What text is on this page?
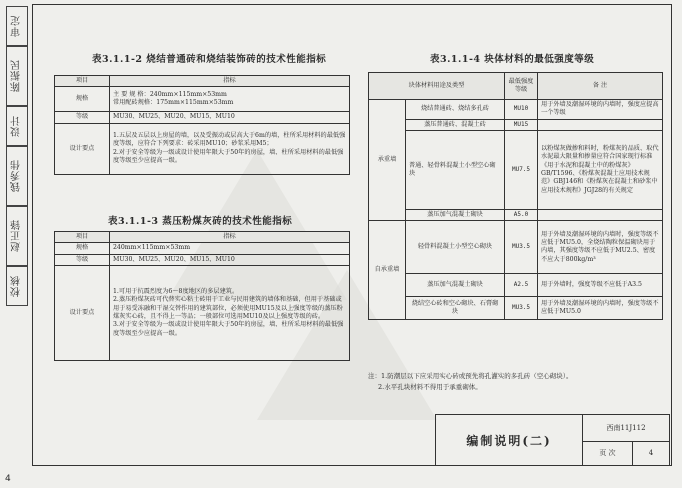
审定
陈振民
设计
钱秀伟
赵正锋
校核
4
表3.1.1-2 烧结普通砖和烧结装饰砖的技术性能指标
项目	指标
规格	主 要 规 格：240mm×115mm×53mm
常用配砖规格：175mm×115mm×53mm
等级	MU30、MU25、MU20、MU15、MU10
设计要点	1.五层及五层以上房屋的墙，以及受振动或层高大于6m的墙，柱所采用材料的最低强度等级，应符合下列要求：砖采用MU10；砂浆采用M5；
2.对于安全等级为一级或设计使用年限大于50年的房屋，墙、柱所采用材料的最低强度等级至少应提高一级。
表3.1.1-3 蒸压粉煤灰砖的技术性能指标
项目	指标
规格	240mm×115mm×53mm
等级	MU30、MU25、MU20、MU15、MU10
设计要点	1.可用于抗震烈度为6～8度地区的多层建筑。
2.蒸压粉煤灰砖可代替实心粘土砖用于工业与民用建筑的墙体和基础，但用于基础或用于易受冻融和干湿交替作用的建筑部位，必须使用MU15及以上强度等级的蒸压粉煤灰实心砖，且不得上一等品；一般部位可选用MU10及以上强度等级的砖。
3.对于安全等级为一级或设计使用年限大于50年的房屋，墙、柱所采用材料的最低强度等级至少应提高一级。
表3.1.1-4 块体材料的最低强度等级
块体材料用途及类型		最低强度等级	备 注
承重墙	烧结普通砖、烧结多孔砖	MU10	用于外墙及潮湿环境的内墙时，强度应提高一个等级
	蒸压普通砖、混凝土砖	MU15	
	普通、轻骨料混凝土小型空心砌块	MU7.5	以粉煤灰做掺和料时，粉煤灰的品质、取代水泥最大限量和掺量应符合国家现行标准《用于水泥和混凝土中的粉煤灰》GB/T1596、《粉煤灰混凝土应用技术规范》GBJ146和《粉煤灰在混凝土和砂浆中应用技术规程》JGJ28的有关规定
	蒸压加气混凝土砌块	A5.0	
自承重墙	轻骨料混凝土小型空心砌块	MU3.5	用于外墙及潮湿环境的内墙时，强度等级不应低于MU5.0，全烧结陶粒保温砌块用于内墙，其强度等级不应低于MU2.5、密度不应大于800kg/m³
	蒸压加气混凝土砌块	A2.5	用于外墙时，强度等级不应低于A3.5
	烧结空心砖和空心砌块、石膏砌块	MU3.5	用于外墙及潮湿环境的内墙时，强度等级不应低于MU5.0
注：1.防潮层以下应采用实心砖或预先将孔灌实的多孔砖（空心砌块）。
2.水平孔块材料不得用于承重砌体。
编制说明(二)	西南11J112	
	页 次	4
